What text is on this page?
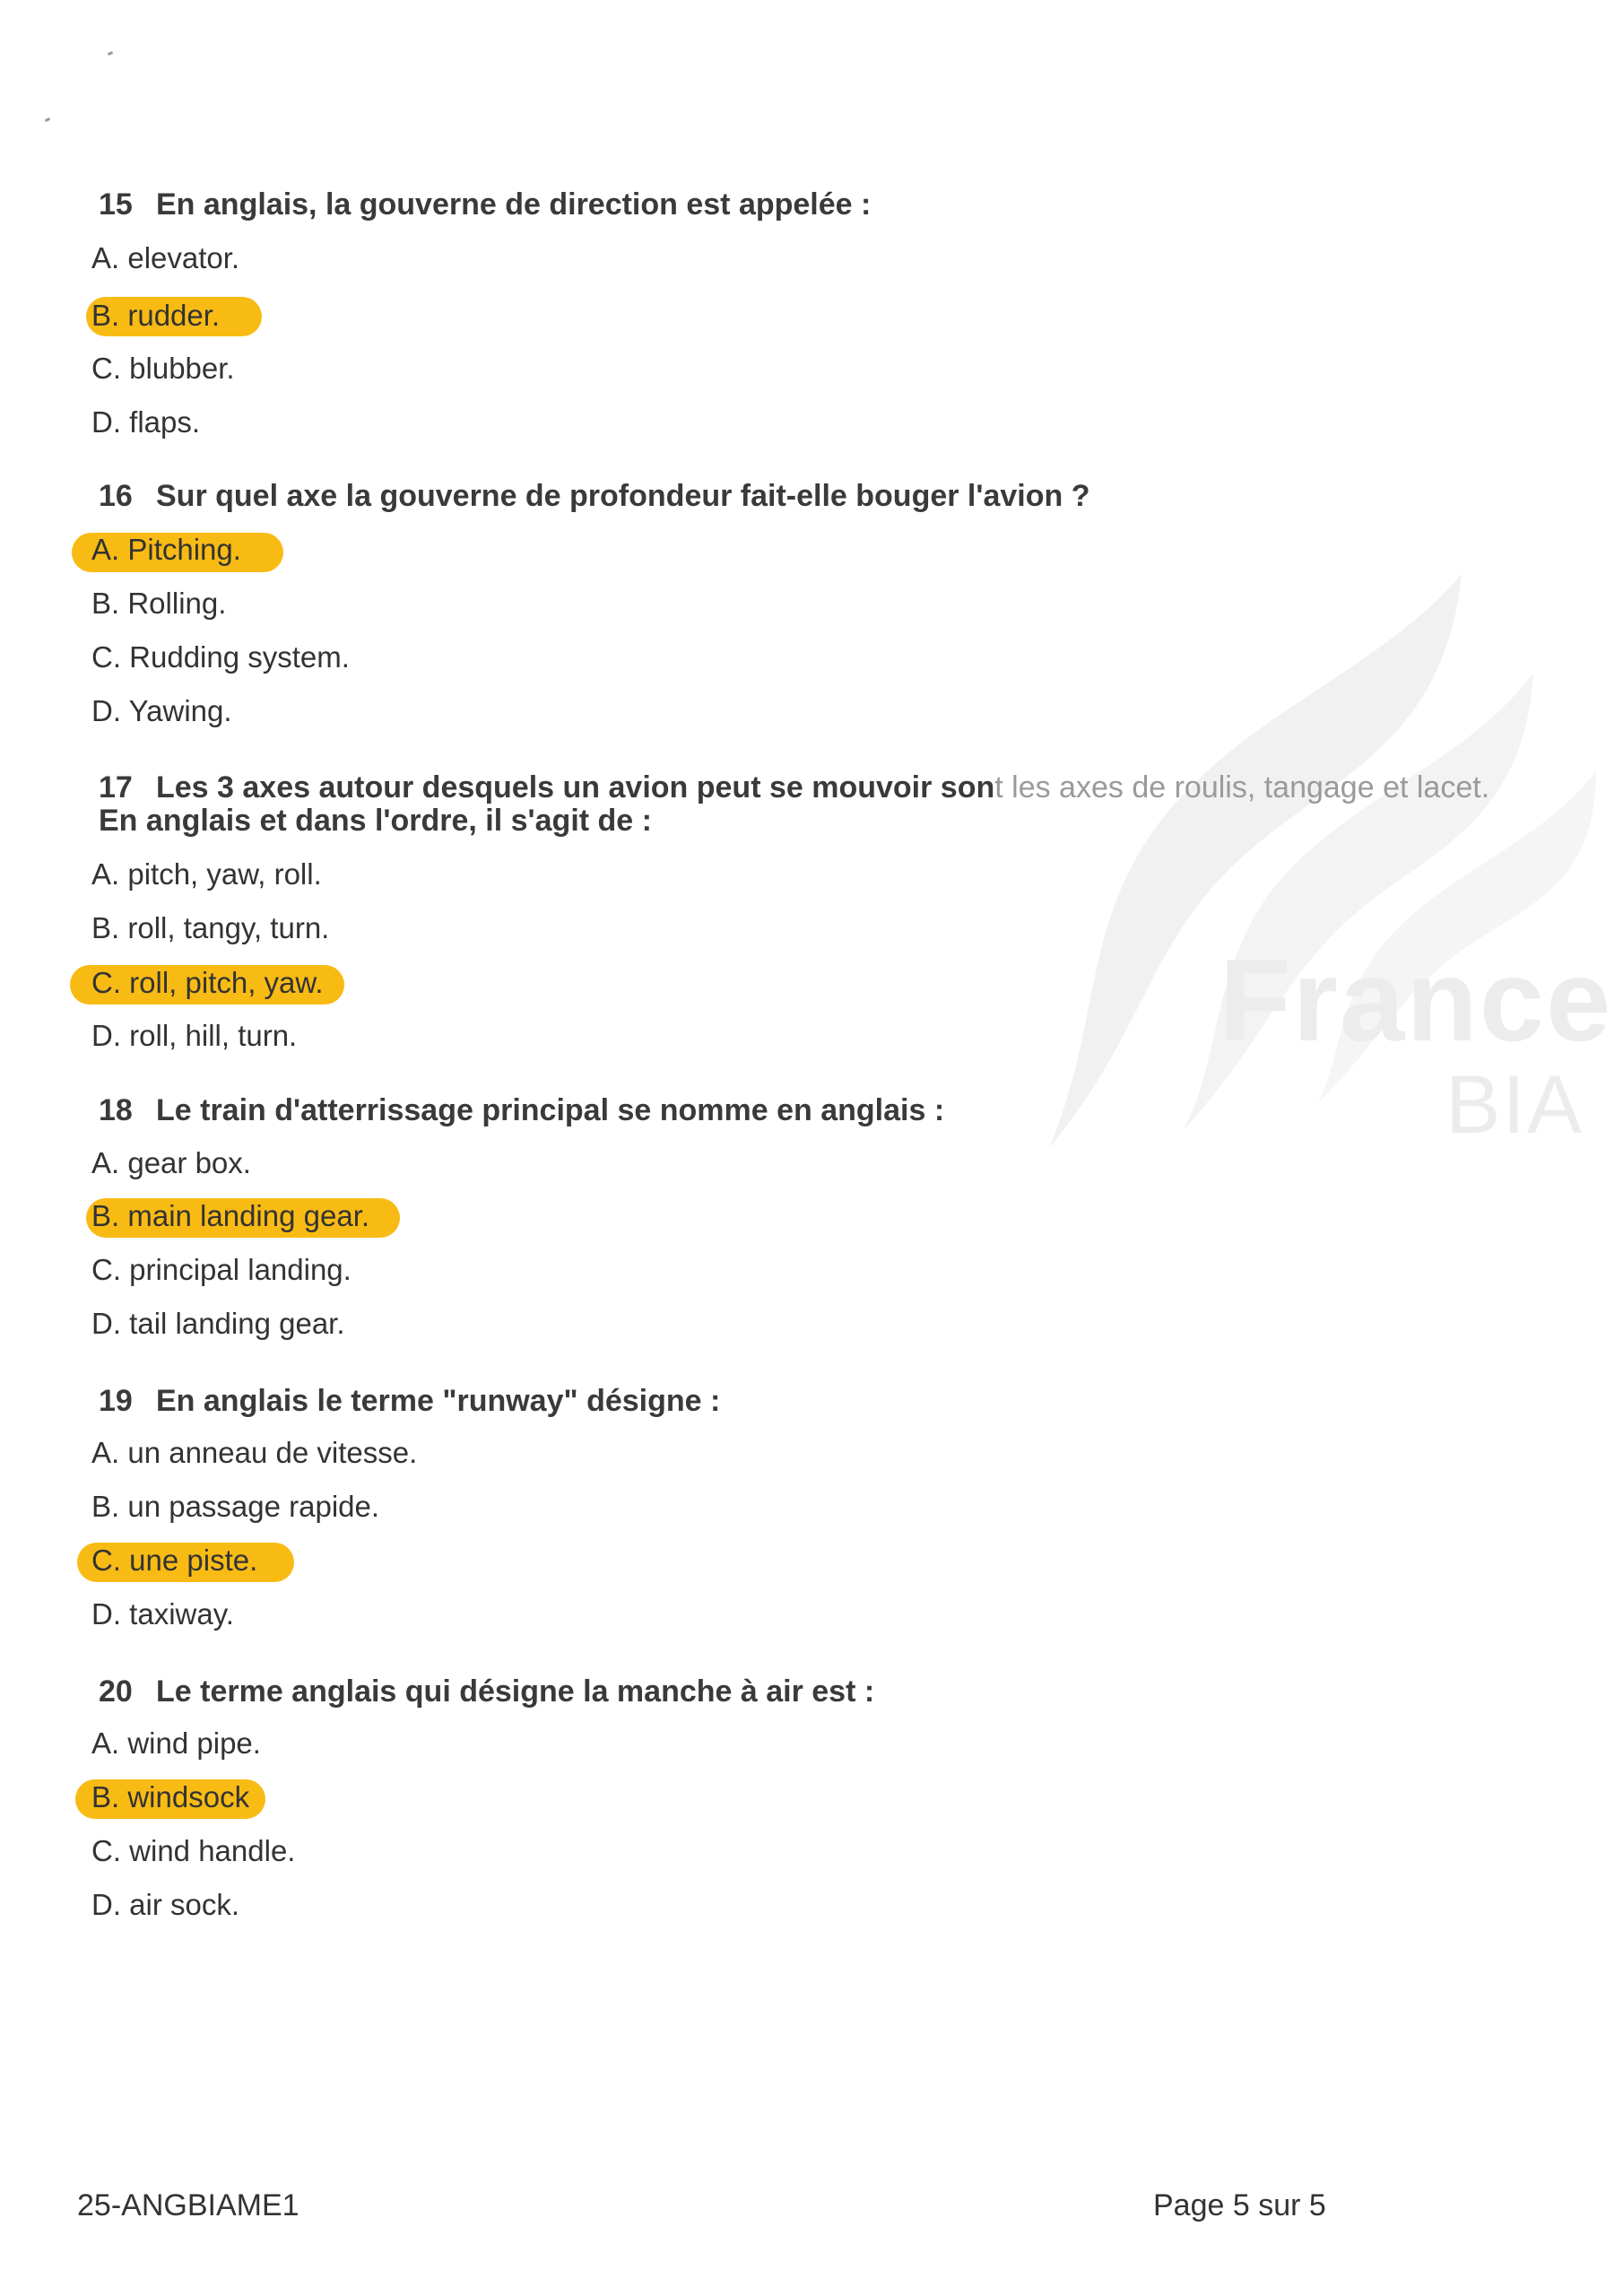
France
BIA
15 En anglais, la gouverne de direction est appelée :
A. elevator.
B. rudder.
C. blubber.
D. flaps.
16 Sur quel axe la gouverne de profondeur fait-elle bouger l'avion ?
A. Pitching.
B. Rolling.
C. Rudding system.
D. Yawing.
17 Les 3 axes autour desquels un avion peut se mouvoir sont les axes de roulis, tangage et lacet.
En anglais et dans l'ordre, il s'agit de :
A. pitch, yaw, roll.
B. roll, tangy, turn.
C. roll, pitch, yaw.
D. roll, hill, turn.
18 Le train d'atterrissage principal se nomme en anglais :
A. gear box.
B. main landing gear.
C. principal landing.
D. tail landing gear.
19 En anglais le terme "runway" désigne :
A. un anneau de vitesse.
B. un passage rapide.
C. une piste.
D. taxiway.
20 Le terme anglais qui désigne la manche à air est :
A. wind pipe.
B. windsock
C. wind handle.
D. air sock.
25-ANGBIAME1	Page 5 sur 5
